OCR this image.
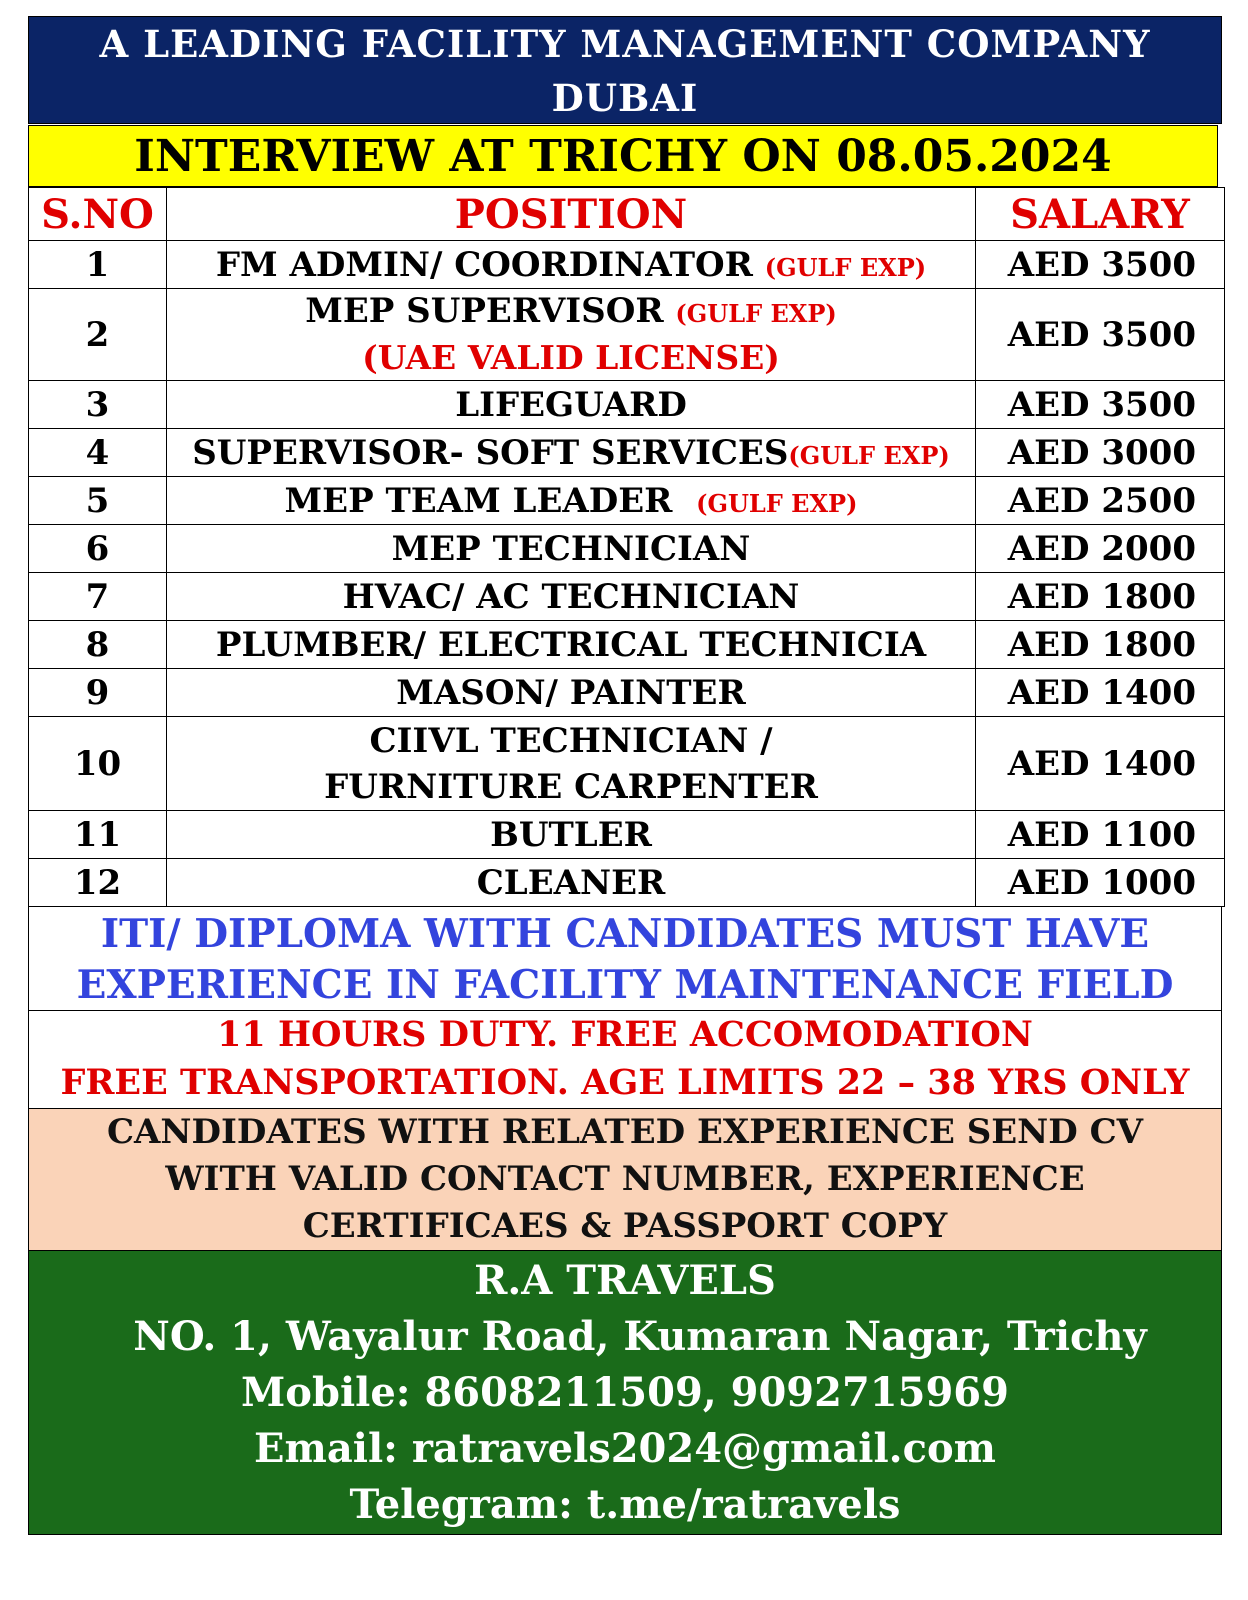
A LEADING FACILITY MANAGEMENT COMPANY
DUBAI
INTERVIEW AT TRICHY ON 08.05.2024
S.NO	POSITION	SALARY
1	FM ADMIN/ COORDINATOR (GULF EXP)	AED 3500
2	MEP SUPERVISOR (GULF EXP)
(UAE VALID LICENSE)	AED 3500
3	LIFEGUARD	AED 3500
4	SUPERVISOR- SOFT SERVICES(GULF EXP)	AED 3000
5	MEP TEAM LEADER  (GULF EXP)	AED 2500
6	MEP TECHNICIAN	AED 2000
7	HVAC/ AC TECHNICIAN	AED 1800
8	PLUMBER/ ELECTRICAL TECHNICIA	AED 1800
9	MASON/ PAINTER	AED 1400
10	CIIVL TECHNICIAN /
FURNITURE CARPENTER	AED 1400
11	BUTLER	AED 1100
12	CLEANER	AED 1000
ITI/ DIPLOMA WITH CANDIDATES MUST HAVE
EXPERIENCE IN FACILITY MAINTENANCE FIELD
11 HOURS DUTY. FREE ACCOMODATION
FREE TRANSPORTATION. AGE LIMITS 22 – 38 YRS ONLY
CANDIDATES WITH RELATED EXPERIENCE SEND CV
WITH VALID CONTACT NUMBER, EXPERIENCE
CERTIFICAES & PASSPORT COPY
R.A TRAVELS
NO. 1, Wayalur Road, Kumaran Nagar, Trichy
Mobile: 8608211509, 9092715969
Email: ratravels2024@gmail.com
Telegram: t.me/ratravels
